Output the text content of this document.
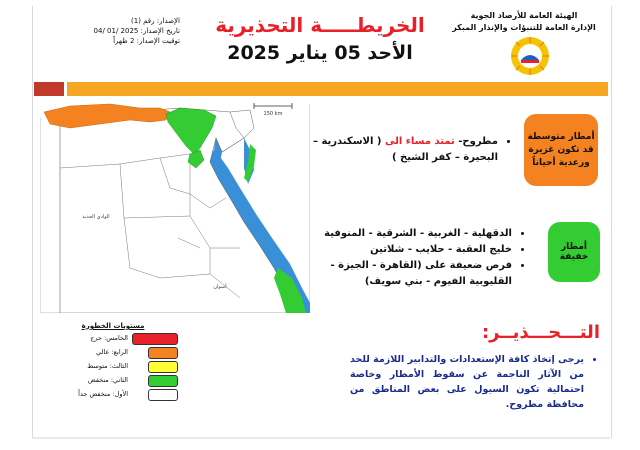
الإصدار: رقم (1)
تاريخ الإصدار: 2025 /01 /04
توقيت الإصدار: 2 ظهراً
الخريطـــــة التحذيرية
الأحد 05 يناير 2025
الهيئة العامة للأرصاد الجوية
الإدارة العامة للتنبؤات والإنذار المبكر
150 km
الوادي الجديد
أسوان
أمطار متوسطة قد تكون غزيرة ورعدية أحياناً
• مطروح- تمتد مساء الى ( الاسكندرية – البحيرة – كفر الشيخ )
أمطار خفيفة
• الدقهلية - الغربية - الشرقية - المنوفية
• خليج العقبة - حلايب - شلاتين
• فرص ضعيفة على (القاهرة - الجيزة - القليوبية الفيوم - بني سويف)
مستويات الخطورة
الخامس: حرج
الرابع: عالي
الثالث: متوسط
الثاني: منخفض
الأول: منخفض جداً
التـــحـــذيــر:
• يرجى إتخاذ كافة الإستعدادات والتدابير اللازمة للحد من الآثار الناجمة عن سقوط الأمطار وخاصة احتمالية تكون السيول على بعض المناطق من محافظة مطروح.
